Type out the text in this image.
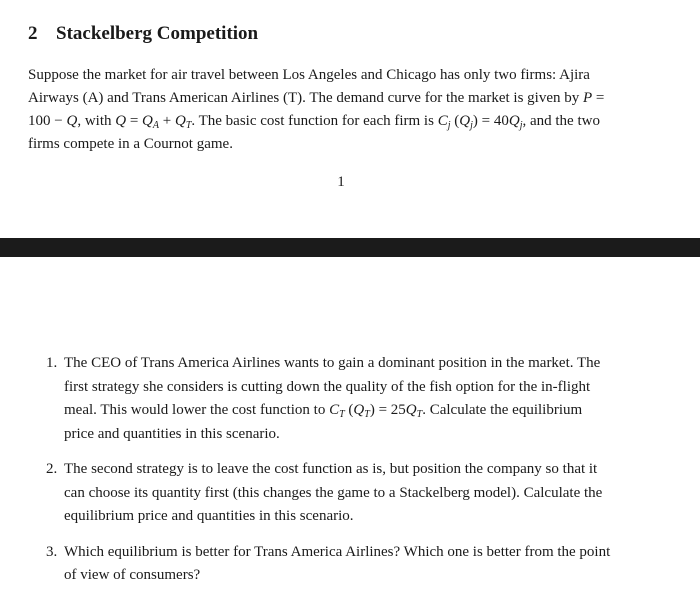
2 Stackelberg Competition

Suppose the market for air travel between Los Angeles and Chicago has only two firms: Ajira
Airways (A) and Trans American Airlines (T). The demand curve for the market is given by P =
100 − Q, with $Q = Q_A + Q_T$. The basic cost function for each firm is $C_j$ $(Q_j) = 40Q_j$, and the two
firms compete in a Cournot game.

1
1. The CEO of Trans America Airlines wants to gain a dominant position in the market. The
first strategy she considers is cutting down the quality of the fish option for the in-flight
meal. This would lower the cost function to $C_T$ $(Q_T) = 25Q_T$. Calculate the equilibrium
price and quantities in this scenario.
2. The second strategy is to leave the cost function as is, but position the company so that it
can choose its quantity first (this changes the game to a Stackelberg model). Calculate the
equilibrium price and quantities in this scenario.
3. Which equilibrium is better for Trans America Airlines? Which one is better from the point
of view of consumers?
